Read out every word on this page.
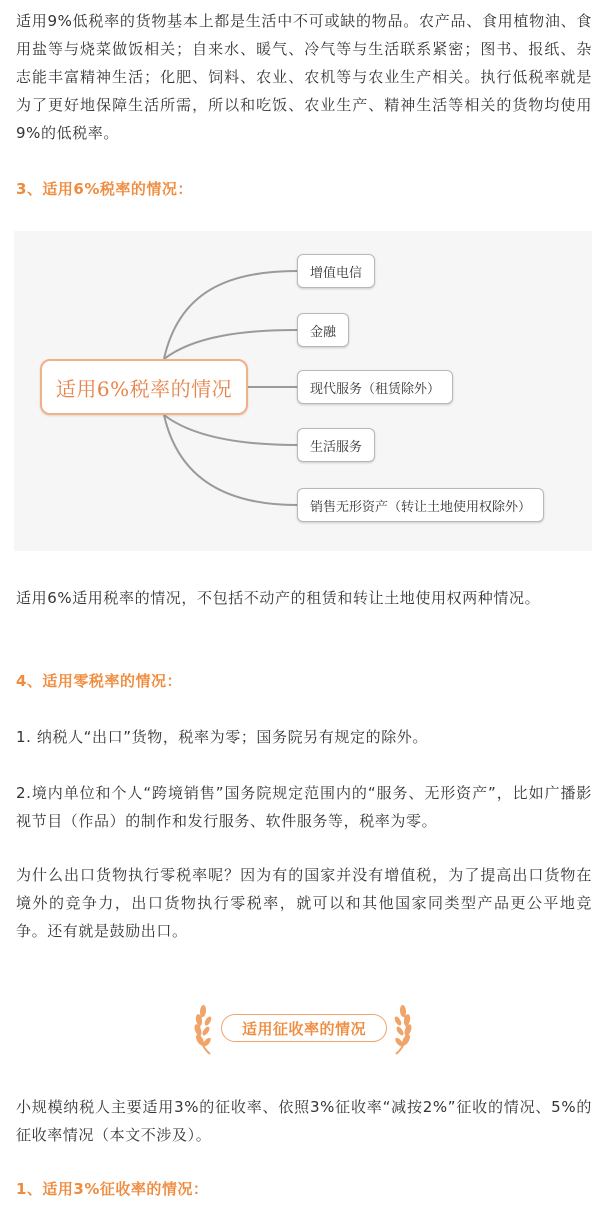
适用9%低税率的货物基本上都是生活中不可或缺的物品。农产品、食用植物油、食用盐等与烧菜做饭相关；自来水、暖气、冷气等与生活联系紧密；图书、报纸、杂志能丰富精神生活；化肥、饲料、农业、农机等与农业生产相关。执行低税率就是为了更好地保障生活所需，所以和吃饭、农业生产、精神生活等相关的货物均使用9%的低税率。

3、适用6%税率的情况：

适用6%税率的情况
增值电信
金融
现代服务（租赁除外）
生活服务
销售无形资产（转让土地使用权除外）

适用6%适用税率的情况，不包括不动产的租赁和转让土地使用权两种情况。

4、适用零税率的情况：

1. 纳税人“出口”货物，税率为零；国务院另有规定的除外。

2.境内单位和个人“跨境销售”国务院规定范围内的“服务、无形资产”，比如广播影视节目（作品）的制作和发行服务、软件服务等，税率为零。

为什么出口货物执行零税率呢？因为有的国家并没有增值税，为了提高出口货物在境外的竞争力，出口货物执行零税率，就可以和其他国家同类型产品更公平地竞争。还有就是鼓励出口。

适用征收率的情况

小规模纳税人主要适用3%的征收率、依照3%征收率“减按2%”征收的情况、5%的征收率情况（本文不涉及）。

1、适用3%征收率的情况：
